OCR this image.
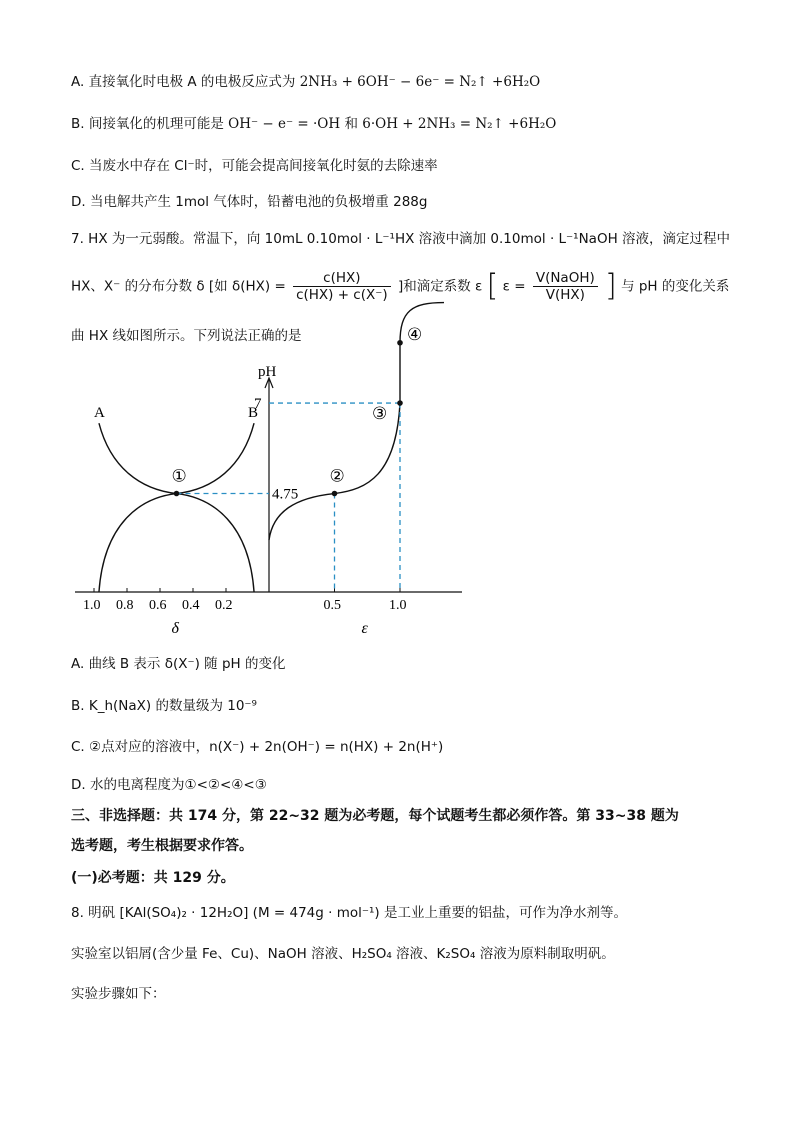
A. 直接氧化时电极 A 的电极反应式为 2NH₃ + 6OH⁻ − 6e⁻ = N₂↑ +6H₂O
B. 间接氧化的机理可能是 OH⁻ − e⁻ = ·OH 和 6·OH + 2NH₃ = N₂↑ +6H₂O
C. 当废水中存在 Cl⁻时，可能会提高间接氧化时氨的去除速率
D. 当电解共产生 1mol 气体时，铅蓄电池的负极增重 288g
7. HX 为一元弱酸。常温下，向 10mL 0.10mol · L⁻¹HX 溶液中滴加 0.10mol · L⁻¹NaOH 溶液，滴定过程中
HX、X⁻ 的分布分数 δ [如 $\delta(HX) = \frac{c(HX)}{c(HX) + c(X^-)}$ ]和滴定系数 ε [ $\varepsilon = \frac{\text{V(NaOH)}}{V(HX)}$ ] 与 pH 的变化关系
曲 HX 线如图所示。下列说法正确的是
pH
1.0 0.8 0.6 0.4 0.2
δ
0.5	1.0
ε
7
4.75
A	B
①	②
③
④
A. 曲线 B 表示 δ(X⁻) 随 pH 的变化
B. K_h(NaX) 的数量级为 10⁻⁹
C. ②点对应的溶液中，n(X⁻) + 2n(OH⁻) = n(HX) + 2n(H⁺)
D. 水的电离程度为①<②<④<③
三、非选择题：共 174 分，第 22~32 题为必考题，每个试题考生都必须作答。第 33~38 题为
选考题，考生根据要求作答。
(一)必考题：共 129 分。
8. 明矾 [KAl(SO₄)₂ · 12H₂O] (M = 474g · mol⁻¹) 是工业上重要的铝盐，可作为净水剂等。
实验室以铝屑(含少量 Fe、Cu)、NaOH 溶液、H₂SO₄ 溶液、K₂SO₄ 溶液为原料制取明矾。
实验步骤如下：
